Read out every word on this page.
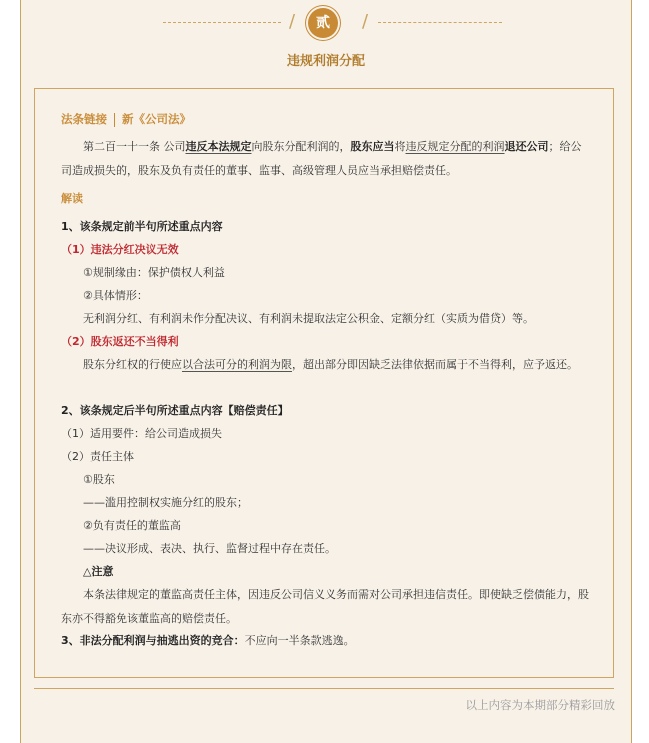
/	贰	/
违规利润分配
法条链接 新《公司法》
第二百一十一条 公司违反本法规定向股东分配利润的，股东应当将违反规定分配的利润退还公司；给公司造成损失的，股东及负有责任的董事、监事、高级管理人员应当承担赔偿责任。
解读
1、该条规定前半句所述重点内容
（1）违法分红决议无效
①规制缘由：保护债权人利益
②具体情形：
无利润分红、有利润未作分配决议、有利润未提取法定公积金、定额分红（实质为借贷）等。
（2）股东返还不当得利
股东分红权的行使应以合法可分的利润为限，超出部分即因缺乏法律依据而属于不当得利，应予返还。
2、该条规定后半句所述重点内容【赔偿责任】
（1）适用要件：给公司造成损失
（2）责任主体
①股东
——滥用控制权实施分红的股东；
②负有责任的董监高
——决议形成、表决、执行、监督过程中存在责任。
△注意
本条法律规定的董监高责任主体，因违反公司信义义务而需对公司承担违信责任。即使缺乏偿债能力，股东亦不得豁免该董监高的赔偿责任。
3、非法分配利润与抽逃出资的竞合：不应向一半条款逃逸。
以上内容为本期部分精彩回放
